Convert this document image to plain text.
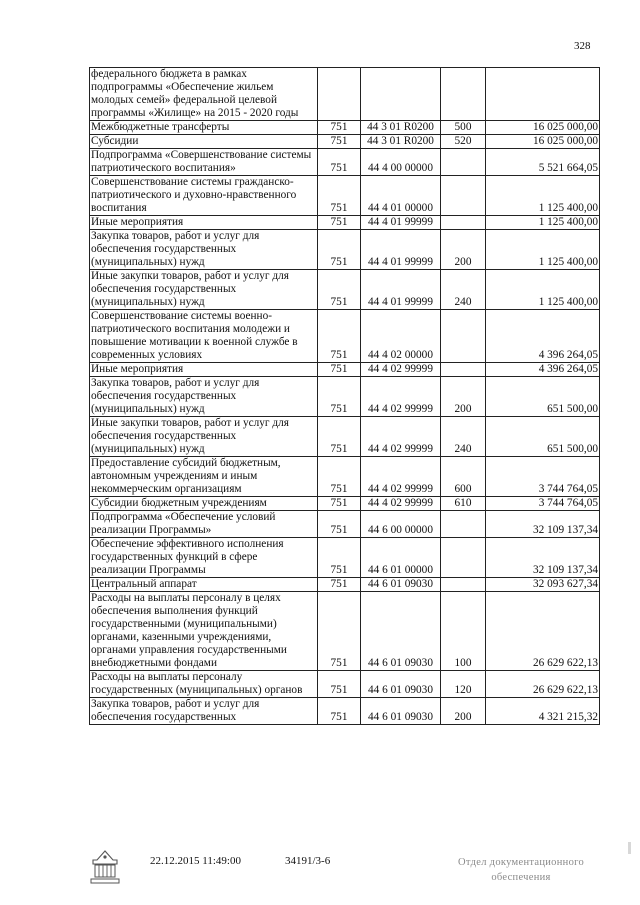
328
федерального бюджета в рамках подпрограммы «Обеспечение жильем молодых семей» федеральной целевой программы «Жилище» на 2015 - 2020 годы				
Межбюджетные трансферты	751	44 3 01 R0200	500	16 025 000,00
Субсидии	751	44 3 01 R0200	520	16 025 000,00
Подпрограмма «Совершенствование системы патриотического воспитания»	751	44 4 00 00000		5 521 664,05
Совершенствование системы гражданско-патриотического и духовно-нравственного воспитания	751	44 4 01 00000		1 125 400,00
Иные мероприятия	751	44 4 01 99999		1 125 400,00
Закупка товаров, работ и услуг для обеспечения государственных (муниципальных) нужд	751	44 4 01 99999	200	1 125 400,00
Иные закупки товаров, работ и услуг для обеспечения государственных (муниципальных) нужд	751	44 4 01 99999	240	1 125 400,00
Совершенствование системы военно-патриотического воспитания молодежи и повышение мотивации к военной службе в современных условиях	751	44 4 02 00000		4 396 264,05
Иные мероприятия	751	44 4 02 99999		4 396 264,05
Закупка товаров, работ и услуг для обеспечения государственных (муниципальных) нужд	751	44 4 02 99999	200	651 500,00
Иные закупки товаров, работ и услуг для обеспечения государственных (муниципальных) нужд	751	44 4 02 99999	240	651 500,00
Предоставление субсидий бюджетным, автономным учреждениям и иным некоммерческим организациям	751	44 4 02 99999	600	3 744 764,05
Субсидии бюджетным учреждениям	751	44 4 02 99999	610	3 744 764,05
Подпрограмма «Обеспечение условий реализации Программы»	751	44 6 00 00000		32 109 137,34
Обеспечение эффективного исполнения государственных функций в сфере реализации Программы	751	44 6 01 00000		32 109 137,34
Центральный аппарат	751	44 6 01 09030		32 093 627,34
Расходы на выплаты персоналу в целях обеспечения выполнения функций государственными (муниципальными) органами, казенными учреждениями, органами управления государственными внебюджетными фондами	751	44 6 01 09030	100	26 629 622,13
Расходы на выплаты персоналу государственных (муниципальных) органов	751	44 6 01 09030	120	26 629 622,13
Закупка товаров, работ и услуг для обеспечения государственных	751	44 6 01 09030	200	4 321 215,32
22.12.2015 11:49:00	34191/3-6	Отдел документационного
обеспечения
